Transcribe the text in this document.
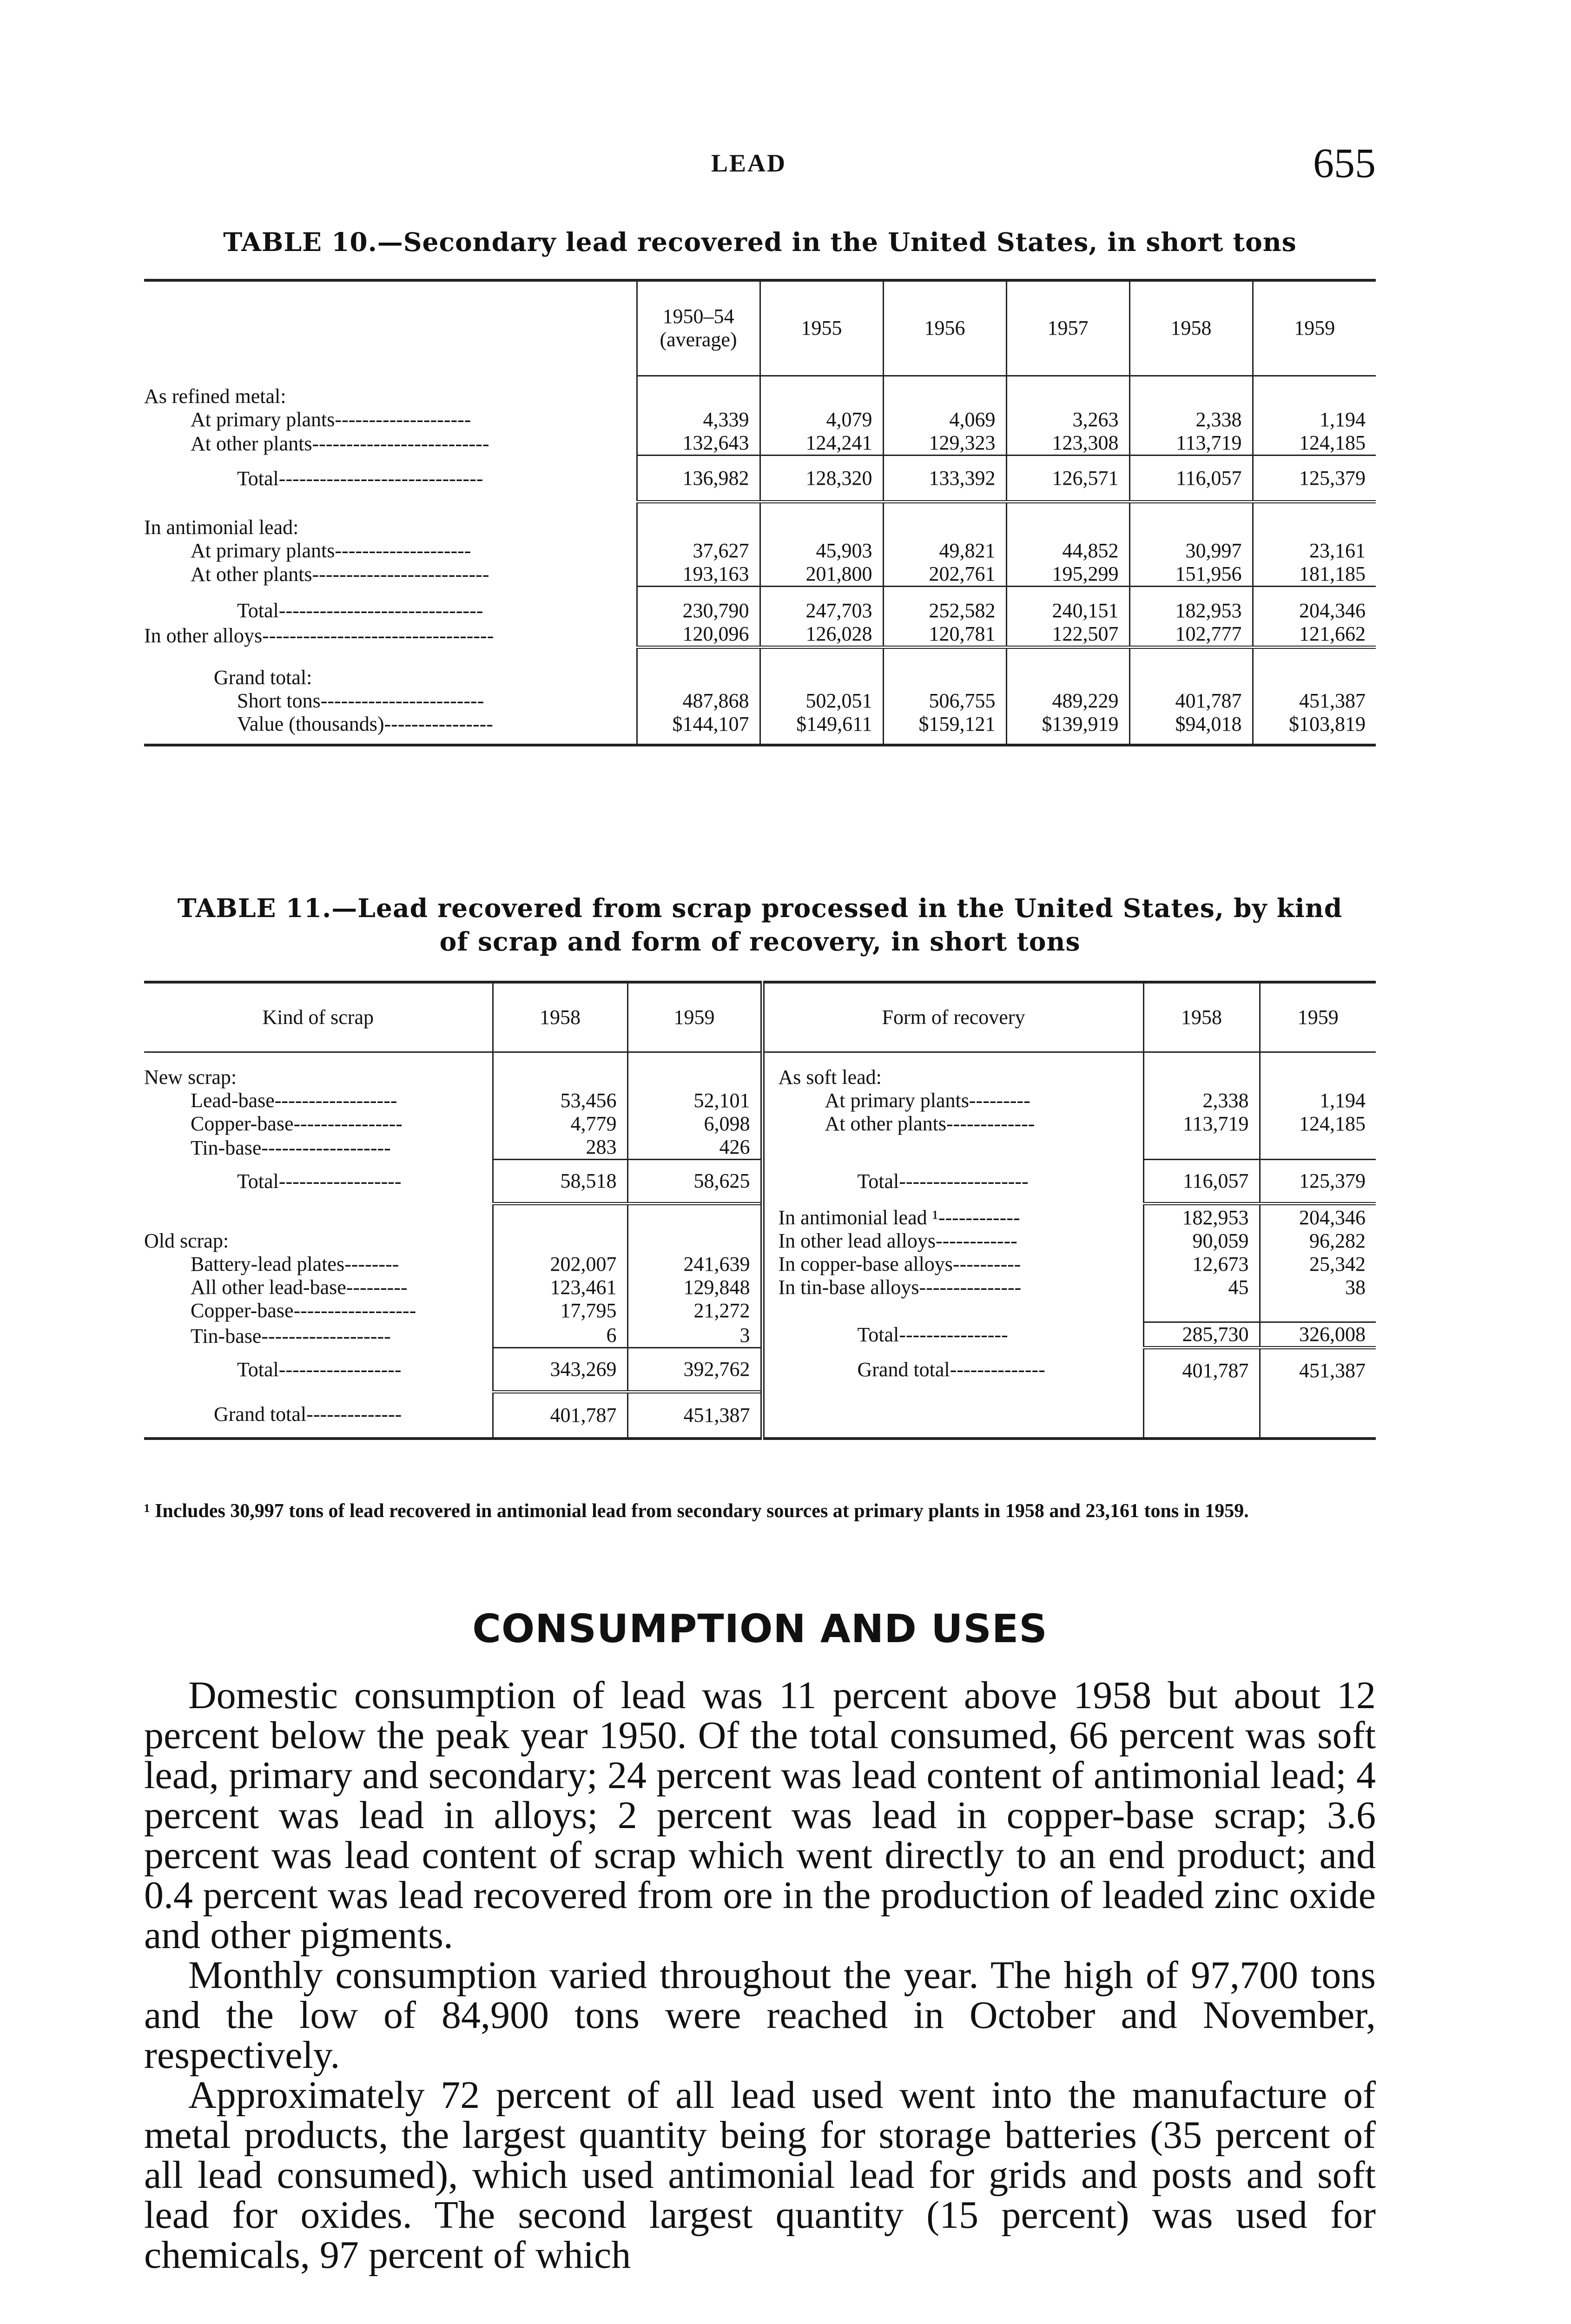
LEAD	655
TABLE 10.—Secondary lead recovered in the United States, in short tons
	1950–54 (average)	1955	1956	1957	1958	1959
As refined metal:						
At primary plants--------------------	4,339	4,079	4,069	3,263	2,338	1,194
At other plants--------------------------	132,643	124,241	129,323	123,308	113,719	124,185
Total------------------------------	136,982	128,320	133,392	126,571	116,057	125,379
In antimonial lead:						
At primary plants--------------------	37,627	45,903	49,821	44,852	30,997	23,161
At other plants--------------------------	193,163	201,800	202,761	195,299	151,956	181,185
Total------------------------------	230,790	247,703	252,582	240,151	182,953	204,346
In other alloys----------------------------------	120,096	126,028	120,781	122,507	102,777	121,662
Grand total:						
Short tons------------------------	487,868	502,051	506,755	489,229	401,787	451,387
Value (thousands)----------------	$144,107	$149,611	$159,121	$139,919	$94,018	$103,819
TABLE 11.—Lead recovered from scrap processed in the United States, by kind
of scrap and form of recovery, in short tons
Kind of scrap	1958	1959	Form of recovery	1958	1959
New scrap:			As soft lead:		
Lead-base------------------	53,456	52,101	At primary plants---------	2,338	1,194
Copper-base----------------	4,779	6,098	At other plants-------------	113,719	124,185
Tin-base-------------------	283	426			
Total------------------	58,518	58,625	Total-------------------	116,057	125,379
			In antimonial lead ¹------------	182,953	204,346
Old scrap:			In other lead alloys------------	90,059	96,282
Battery-lead plates--------	202,007	241,639	In copper-base alloys----------	12,673	25,342
All other lead-base---------	123,461	129,848	In tin-base alloys---------------	45	38
Copper-base------------------	17,795	21,272			
Tin-base-------------------	6	3	Total----------------	285,730	326,008
Total------------------	343,269	392,762	Grand total--------------	401,787	451,387
Grand total--------------	401,787	451,387			
¹ Includes 30,997 tons of lead recovered in antimonial lead from secondary sources at primary plants in 1958 and 23,161 tons in 1959.
CONSUMPTION AND USES

Domestic consumption of lead was 11 percent above 1958 but about 12 percent below the peak year 1950. Of the total consumed, 66 percent was soft lead, primary and secondary; 24 percent was lead content of antimonial lead; 4 percent was lead in alloys; 2 percent was lead in copper-base scrap; 3.6 percent was lead content of scrap which went directly to an end product; and 0.4 percent was lead recovered from ore in the production of leaded zinc oxide and other pigments.

Monthly consumption varied throughout the year. The high of 97,700 tons and the low of 84,900 tons were reached in October and November, respectively.

Approximately 72 percent of all lead used went into the manufacture of metal products, the largest quantity being for storage batteries (35 percent of all lead consumed), which used antimonial lead for grids and posts and soft lead for oxides. The second largest quantity (15 percent) was used for chemicals, 97 percent of which
